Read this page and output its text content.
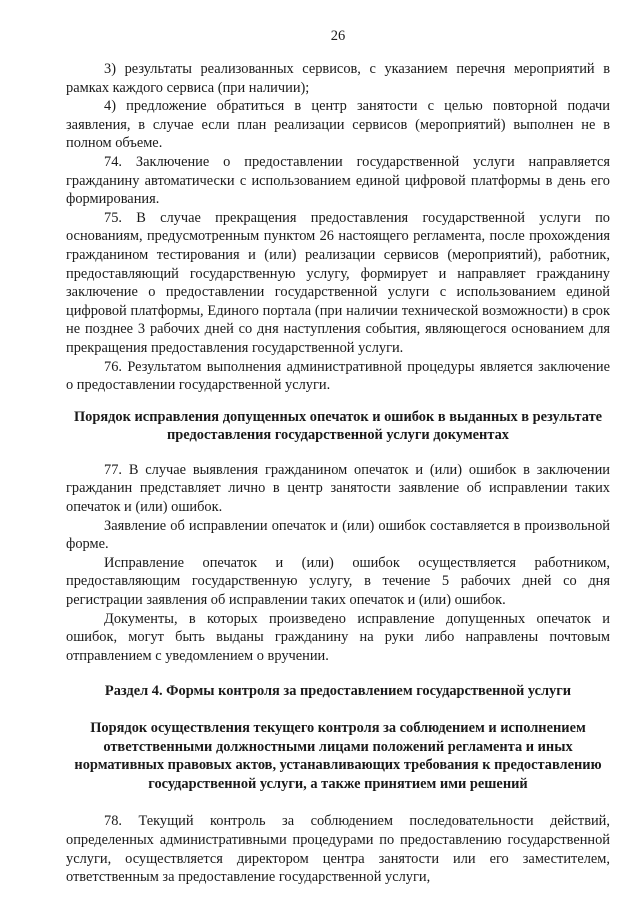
26

3) результаты реализованных сервисов, с указанием перечня мероприятий в рамках каждого сервиса (при наличии);

4) предложение обратиться в центр занятости с целью повторной подачи заявления, в случае если план реализации сервисов (мероприятий) выполнен не в полном объеме.

74. Заключение о предоставлении государственной услуги направляется гражданину автоматически с использованием единой цифровой платформы в день его формирования.

75. В случае прекращения предоставления государственной услуги по основаниям, предусмотренным пунктом 26 настоящего регламента, после прохождения гражданином тестирования и (или) реализации сервисов (мероприятий), работник, предоставляющий государственную услугу, формирует и направляет гражданину заключение о предоставлении государственной услуги с использованием единой цифровой платформы, Единого портала (при наличии технической возможности) в срок не позднее 3 рабочих дней со дня наступления события, являющегося основанием для прекращения предоставления государственной услуги.

76. Результатом выполнения административной процедуры является заключение о предоставлении государственной услуги.

Порядок исправления допущенных опечаток и ошибок в выданных в результате предоставления государственной услуги документах

77. В случае выявления гражданином опечаток и (или) ошибок в заключении гражданин представляет лично в центр занятости заявление об исправлении таких опечаток и (или) ошибок.

Заявление об исправлении опечаток и (или) ошибок составляется в произвольной форме.

Исправление опечаток и (или) ошибок осуществляется работником, предоставляющим государственную услугу, в течение 5 рабочих дней со дня регистрации заявления об исправлении таких опечаток и (или) ошибок.

Документы, в которых произведено исправление допущенных опечаток и ошибок, могут быть выданы гражданину на руки либо направлены почтовым отправлением с уведомлением о вручении.

Раздел 4. Формы контроля за предоставлением государственной услуги
Порядок осуществления текущего контроля за соблюдением и исполнением ответственными должностными лицами положений регламента и иных нормативных правовых актов, устанавливающих требования к предоставлению государственной услуги, а также принятием ими решений

78. Текущий контроль за соблюдением последовательности действий, определенных административными процедурами по предоставлению государственной услуги, осуществляется директором центра занятости или его заместителем, ответственным за предоставление государственной услуги,
